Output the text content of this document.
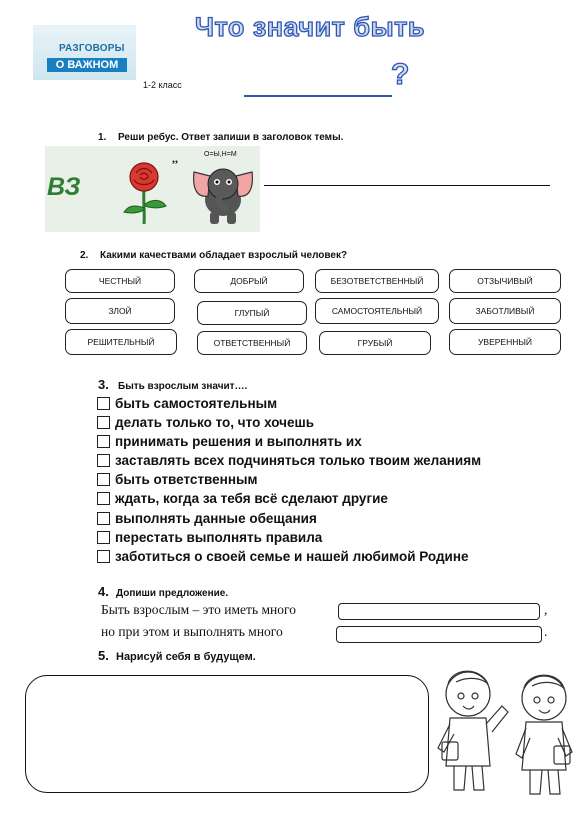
РАЗГОВОРЫ
О ВАЖНОМ
1-2 класс
Что значит быть
?
1. Реши ребус. Ответ запиши в заголовок темы.
ВЗ
,,	О=Ы,Н=М
2. Какими качествами обладает взрослый человек?
ЧЕСТНЫЙ	ДОБРЫЙ	БЕЗОТВЕТСТВЕННЫЙ	ОТЗЫЧИВЫЙ
ЗЛОЙ	ГЛУПЫЙ	САМОСТОЯТЕЛЬНЫЙ	ЗАБОТЛИВЫЙ
РЕШИТЕЛЬНЫЙ	ОТВЕТСТВЕННЫЙ	ГРУБЫЙ	УВЕРЕННЫЙ
3. Быть взрослым значит….
быть самостоятельным
делать только то, что хочешь
принимать решения и выполнять их
заставлять всех подчиняться только твоим желаниям
быть ответственным
ждать, когда за тебя всё сделают другие
выполнять данные обещания
перестать выполнять правила
заботиться о своей семье и нашей любимой Родине
4. Допиши предложение.
Быть взрослым – это иметь много	,
но при этом и выполнять много	.
5. Нарисуй себя в будущем.
